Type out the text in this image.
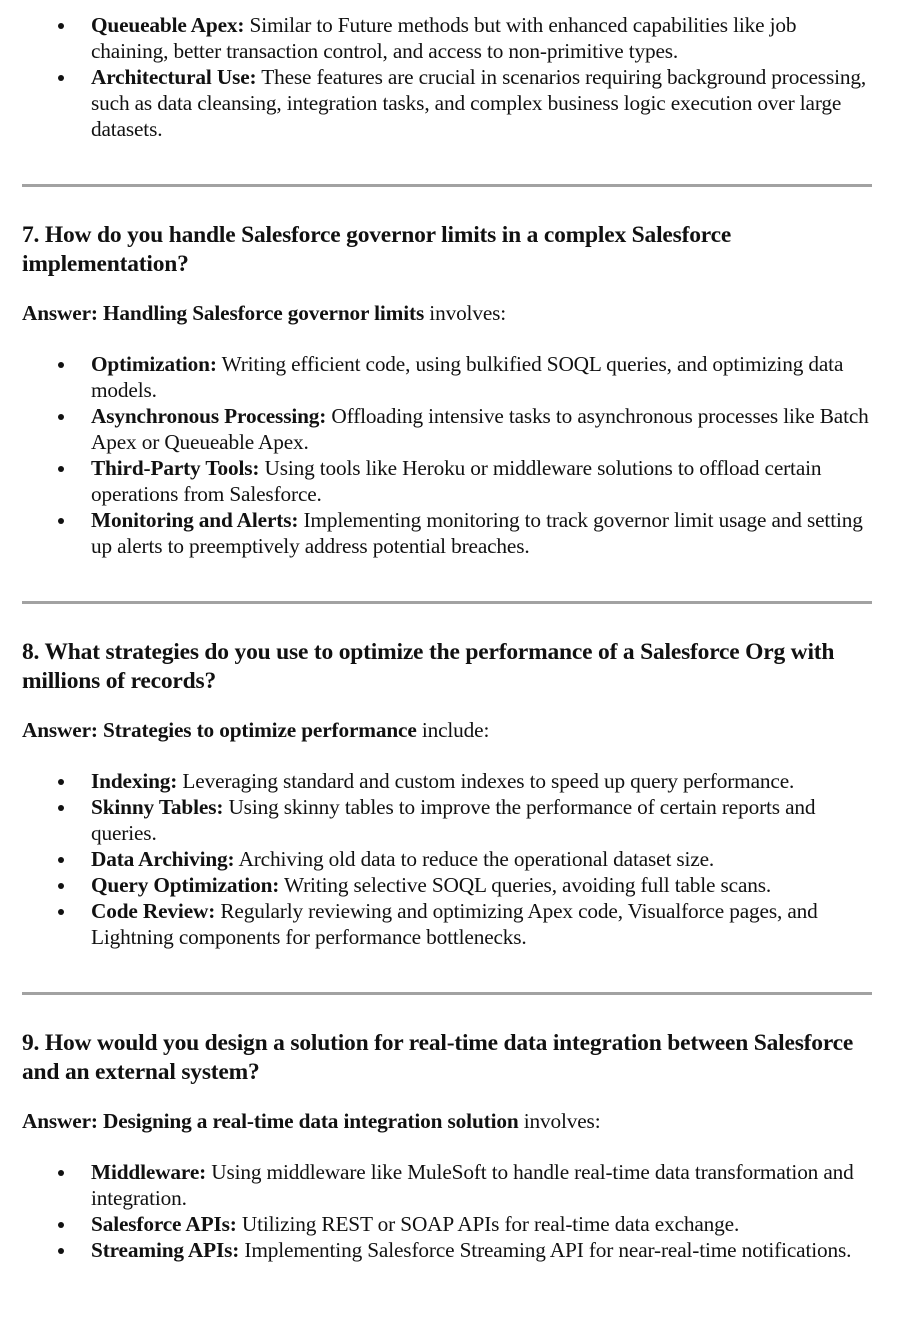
Queueable Apex: Similar to Future methods but with enhanced capabilities like job chaining, better transaction control, and access to non-primitive types.
Architectural Use: These features are crucial in scenarios requiring background processing, such as data cleansing, integration tasks, and complex business logic execution over large datasets.
7. How do you handle Salesforce governor limits in a complex Salesforce implementation?

Answer: Handling Salesforce governor limits involves:

Optimization: Writing efficient code, using bulkified SOQL queries, and optimizing data models.
Asynchronous Processing: Offloading intensive tasks to asynchronous processes like Batch Apex or Queueable Apex.
Third-Party Tools: Using tools like Heroku or middleware solutions to offload certain operations from Salesforce.
Monitoring and Alerts: Implementing monitoring to track governor limit usage and setting up alerts to preemptively address potential breaches.
8. What strategies do you use to optimize the performance of a Salesforce Org with millions of records?

Answer: Strategies to optimize performance include:

Indexing: Leveraging standard and custom indexes to speed up query performance.
Skinny Tables: Using skinny tables to improve the performance of certain reports and queries.
Data Archiving: Archiving old data to reduce the operational dataset size.
Query Optimization: Writing selective SOQL queries, avoiding full table scans.
Code Review: Regularly reviewing and optimizing Apex code, Visualforce pages, and Lightning components for performance bottlenecks.
9. How would you design a solution for real-time data integration between Salesforce and an external system?

Answer: Designing a real-time data integration solution involves:

Middleware: Using middleware like MuleSoft to handle real-time data transformation and integration.
Salesforce APIs: Utilizing REST or SOAP APIs for real-time data exchange.
Streaming APIs: Implementing Salesforce Streaming API for near-real-time notifications.
